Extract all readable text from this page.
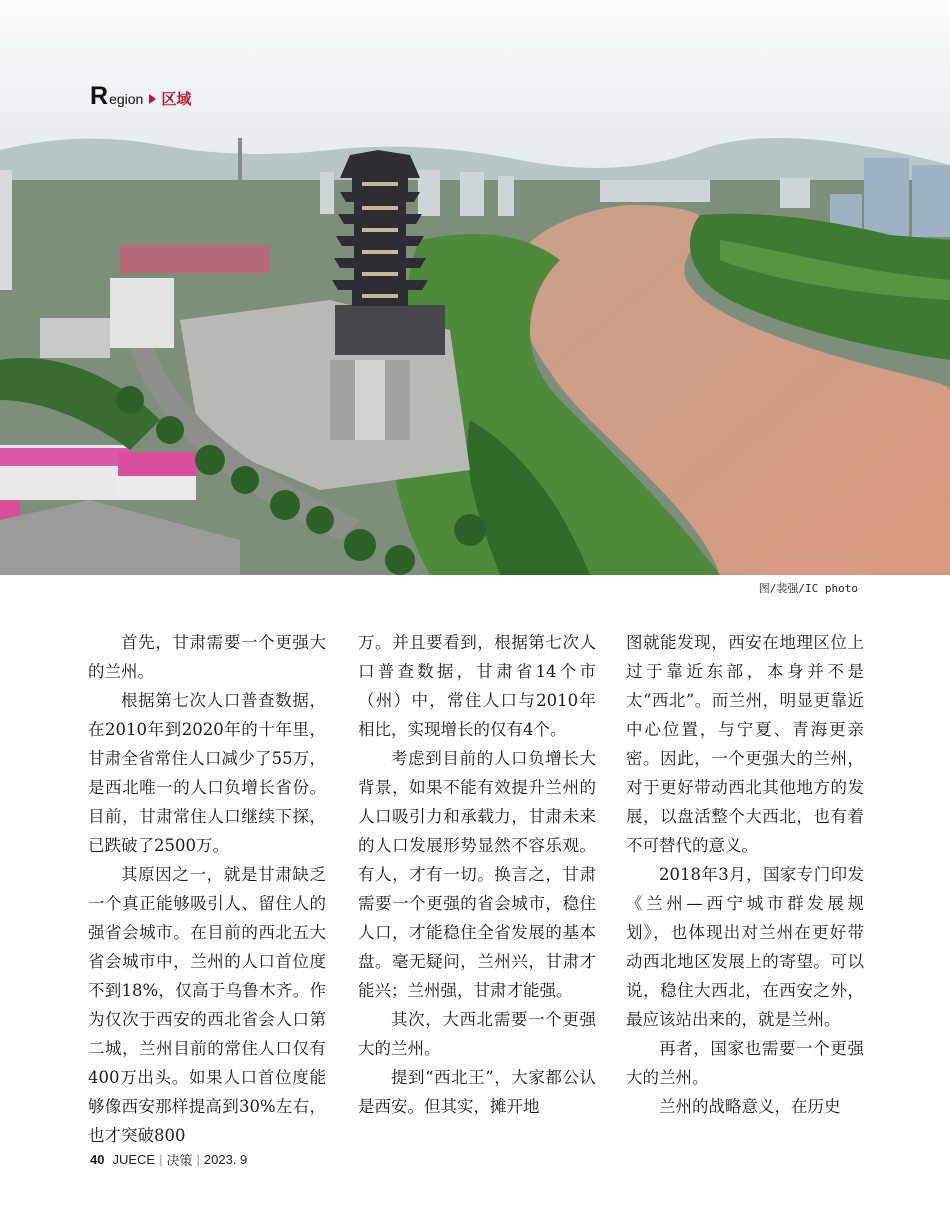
R egion 区域
图/裴强/IC photo

首先，甘肃需要一个更强大的兰州。

根据第七次人口普查数据，在2010年到2020年的十年里，甘肃全省常住人口减少了55万，是西北唯一的人口负增长省份。目前，甘肃常住人口继续下探，已跌破了2500万。

其原因之一，就是甘肃缺乏一个真正能够吸引人、留住人的强省会城市。在目前的西北五大省会城市中，兰州的人口首位度不到18%，仅高于乌鲁木齐。作为仅次于西安的西北省会人口第二城，兰州目前的常住人口仅有400万出头。如果人口首位度能够像西安那样提高到30%左右，也才突破800

万。并且要看到，根据第七次人口普查数据，甘肃省14个市（州）中，常住人口与2010年相比，实现增长的仅有4个。

考虑到目前的人口负增长大背景，如果不能有效提升兰州的人口吸引力和承载力，甘肃未来的人口发展形势显然不容乐观。有人，才有一切。换言之，甘肃需要一个更强的省会城市，稳住人口，才能稳住全省发展的基本盘。毫无疑问，兰州兴，甘肃才能兴；兰州强，甘肃才能强。

其次，大西北需要一个更强大的兰州。

提到“西北王”，大家都公认是西安。但其实，摊开地

图就能发现，西安在地理区位上过于靠近东部，本身并不是太“西北”。而兰州，明显更靠近中心位置，与宁夏、青海更亲密。因此，一个更强大的兰州，对于更好带动西北其他地方的发展，以盘活整个大西北，也有着不可替代的意义。

2018年3月，国家专门印发《兰州—西宁城市群发展规划》，也体现出对兰州在更好带动西北地区发展上的寄望。可以说，稳住大西北，在西安之外，最应该站出来的，就是兰州。

再者，国家也需要一个更强大的兰州。

兰州的战略意义，在历史

40 JUECE | 决策 | 2023. 9
